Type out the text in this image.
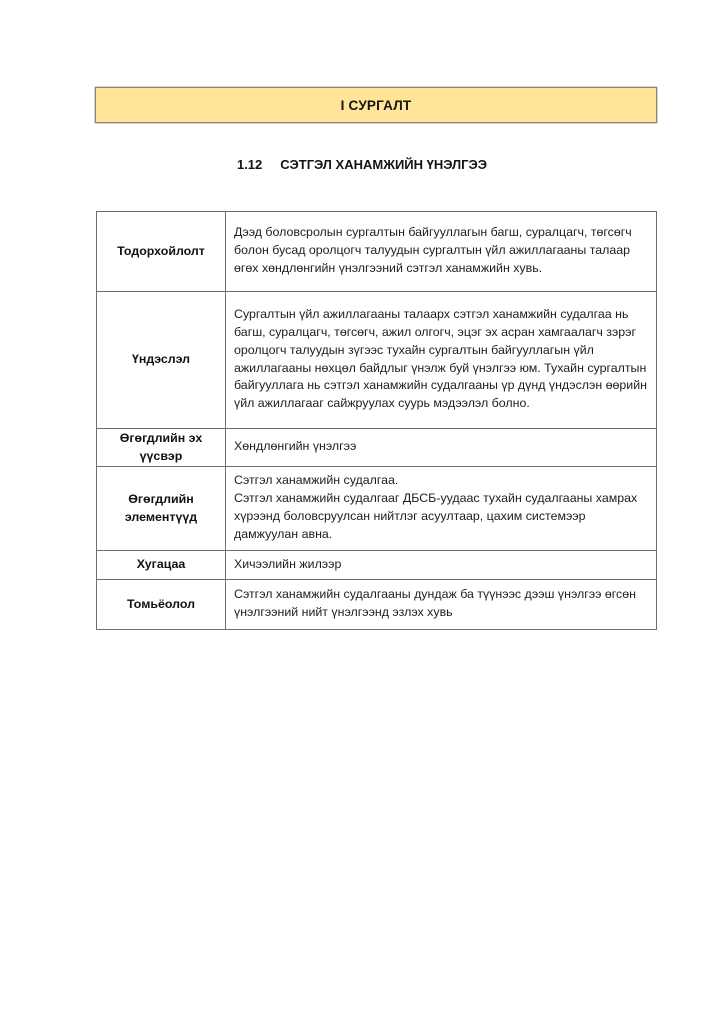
I СУРГАЛТ
1.12 СЭТГЭЛ ХАНАМЖИЙН ҮНЭЛГЭЭ
Тодорхойлолт	Дээд боловсролын сургалтын байгууллагын багш, суралцагч, төгсөгч болон бусад оролцогч талуудын сургалтын үйл ажиллагааны талаар өгөх хөндлөнгийн үнэлгээний сэтгэл ханамжийн хувь.
Үндэслэл	Сургалтын үйл ажиллагааны талаарх сэтгэл ханамжийн судалгаа нь багш, суралцагч, төгсөгч, ажил олгогч, эцэг эх асран хамгаалагч зэрэг оролцогч талуудын зүгээс тухайн сургалтын байгууллагын үйл ажиллагааны нөхцөл байдлыг үнэлж буй үнэлгээ юм. Тухайн сургалтын байгууллага нь сэтгэл ханамжийн судалгааны үр дүнд үндэслэн өөрийн үйл ажиллагааг сайжруулах суурь мэдээлэл болно.
Өгөгдлийн эх үүсвэр	Хөндлөнгийн үнэлгээ
Өгөгдлийн элементүүд	Сэтгэл ханамжийн судалгаа.
Сэтгэл ханамжийн судалгааг ДБСБ-уудаас тухайн судалгааны хамрах хүрээнд боловсруулсан нийтлэг асуултаар, цахим системээр дамжуулан авна.

Хугацаа	Хичээлийн жилээр
Томьёолол	Сэтгэл ханамжийн судалгааны дундаж ба түүнээс дээш үнэлгээ өгсөн үнэлгээний нийт үнэлгээнд эзлэх хувь
